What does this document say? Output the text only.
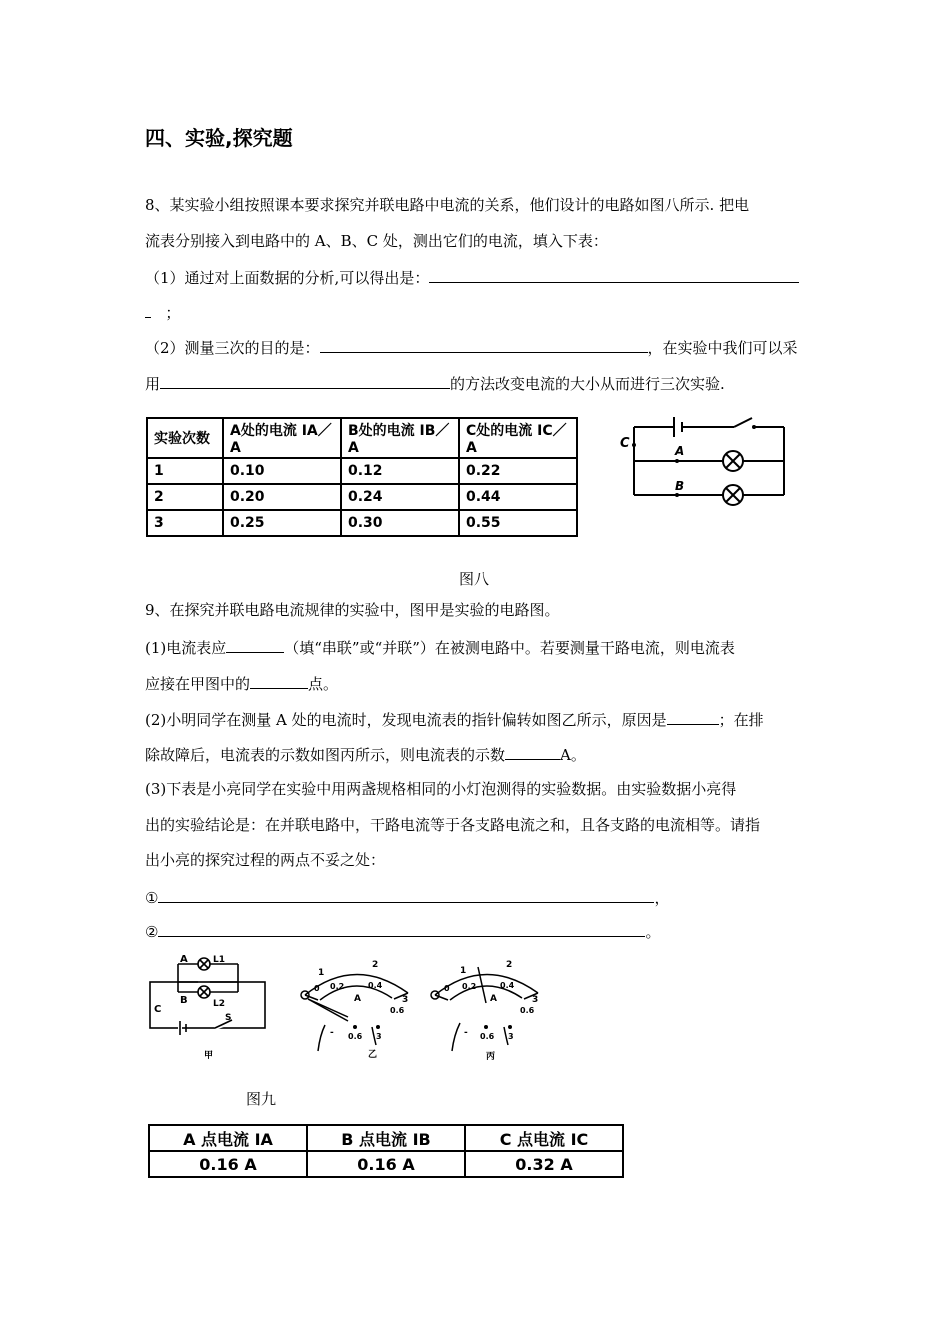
四、实验,探究题
8、某实验小组按照课本要求探究并联电路中电流的关系，他们设计的电路如图八所示. 把电
流表分别接入到电路中的 A、B、C 处，测出它们的电流，填入下表：
（1）通过对上面数据的分析,可以得出是：
；
（2）测量三次的目的是：	，在实验中我们可以采
用	的方法改变电流的大小从而进行三次实验.
实验次数	A处的电流 IA／A	B处的电流 IB／A	C处的电流 IC／A
1	0.10	0.12	0.22
2	0.20	0.24	0.44
3	0.25	0.30	0.55
C	A
B
图八
9、在探究并联电路电流规律的实验中，图甲是实验的电路图。
(1)电流表应	（填“串联”或“并联”）在被测电路中。若要测量干路电流，则电流表
应接在甲图中的	点。
(2)小明同学在测量 A 处的电流时，发现电流表的指针偏转如图乙所示，原因是	；在排
除故障后，电流表的示数如图丙所示，则电流表的示数	A。
(3)下表是小亮同学在实验中用两盏规格相同的小灯泡测得的实验数据。由实验数据小亮得
出的实验结论是：在并联电路中，干路电流等于各支路电流之和，且各支路的电流相等。请指
出小亮的探究过程的两点不妥之处：
①	，
②	。
A
B
C
L1
L2
S
甲
1
2
3
0 0.2	0.4
0.6
A
- 0.6 3
乙
1
2
3
0 0.2	0.4
0.6
A
- 0.6 3
丙
图九
A 点电流 IA	B 点电流 IB	C 点电流 IC
0.16 A	0.16 A	0.32 A
